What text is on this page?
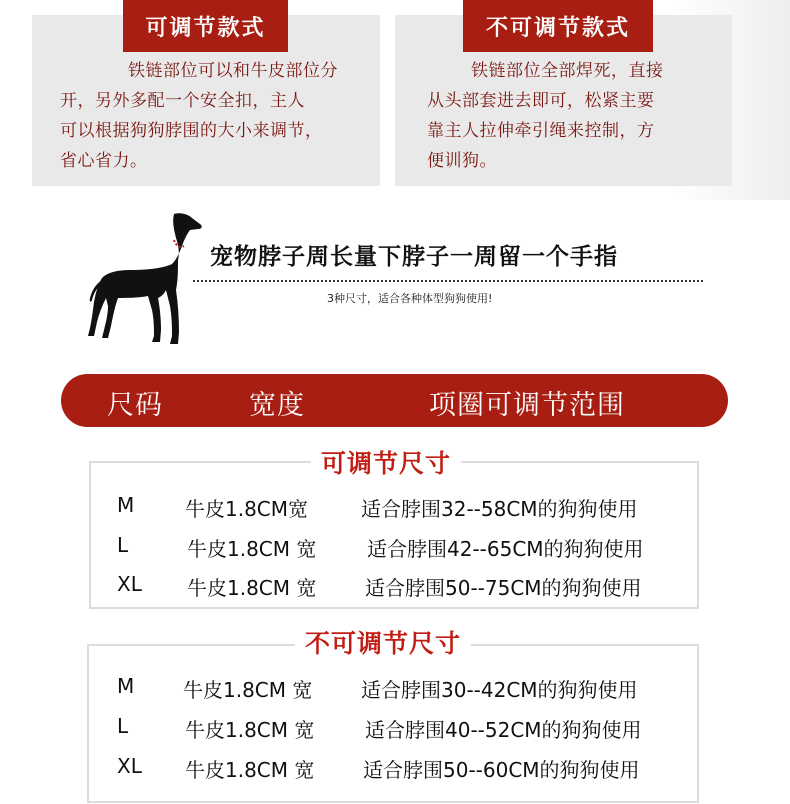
可调节款式
铁链部位可以和牛皮部位分
开，另外多配一个安全扣，主人
可以根据狗狗脖围的大小来调节，
省心省力。
不可调节款式
铁链部位全部焊死，直接
从头部套进去即可，松紧主要
靠主人拉伸牵引绳来控制，方
便训狗。
宠物脖子周长量下脖子一周留一个手指
3种尺寸，适合各种体型狗狗使用!
尺码	宽度	项圈可调节范围
M	牛皮1.8CM宽	适合脖围32--58CM的狗狗使用
L	牛皮1.8CM 宽	适合脖围42--65CM的狗狗使用
XL 牛皮1.8CM 宽 适合脖围50--75CM的狗狗使用
可调节尺寸
M 牛皮1.8CM 宽 适合脖围30--42CM的狗狗使用
L	牛皮1.8CM 宽	适合脖围40--52CM的狗狗使用
XL 牛皮1.8CM 宽 适合脖围50--60CM的狗狗使用
不可调节尺寸
